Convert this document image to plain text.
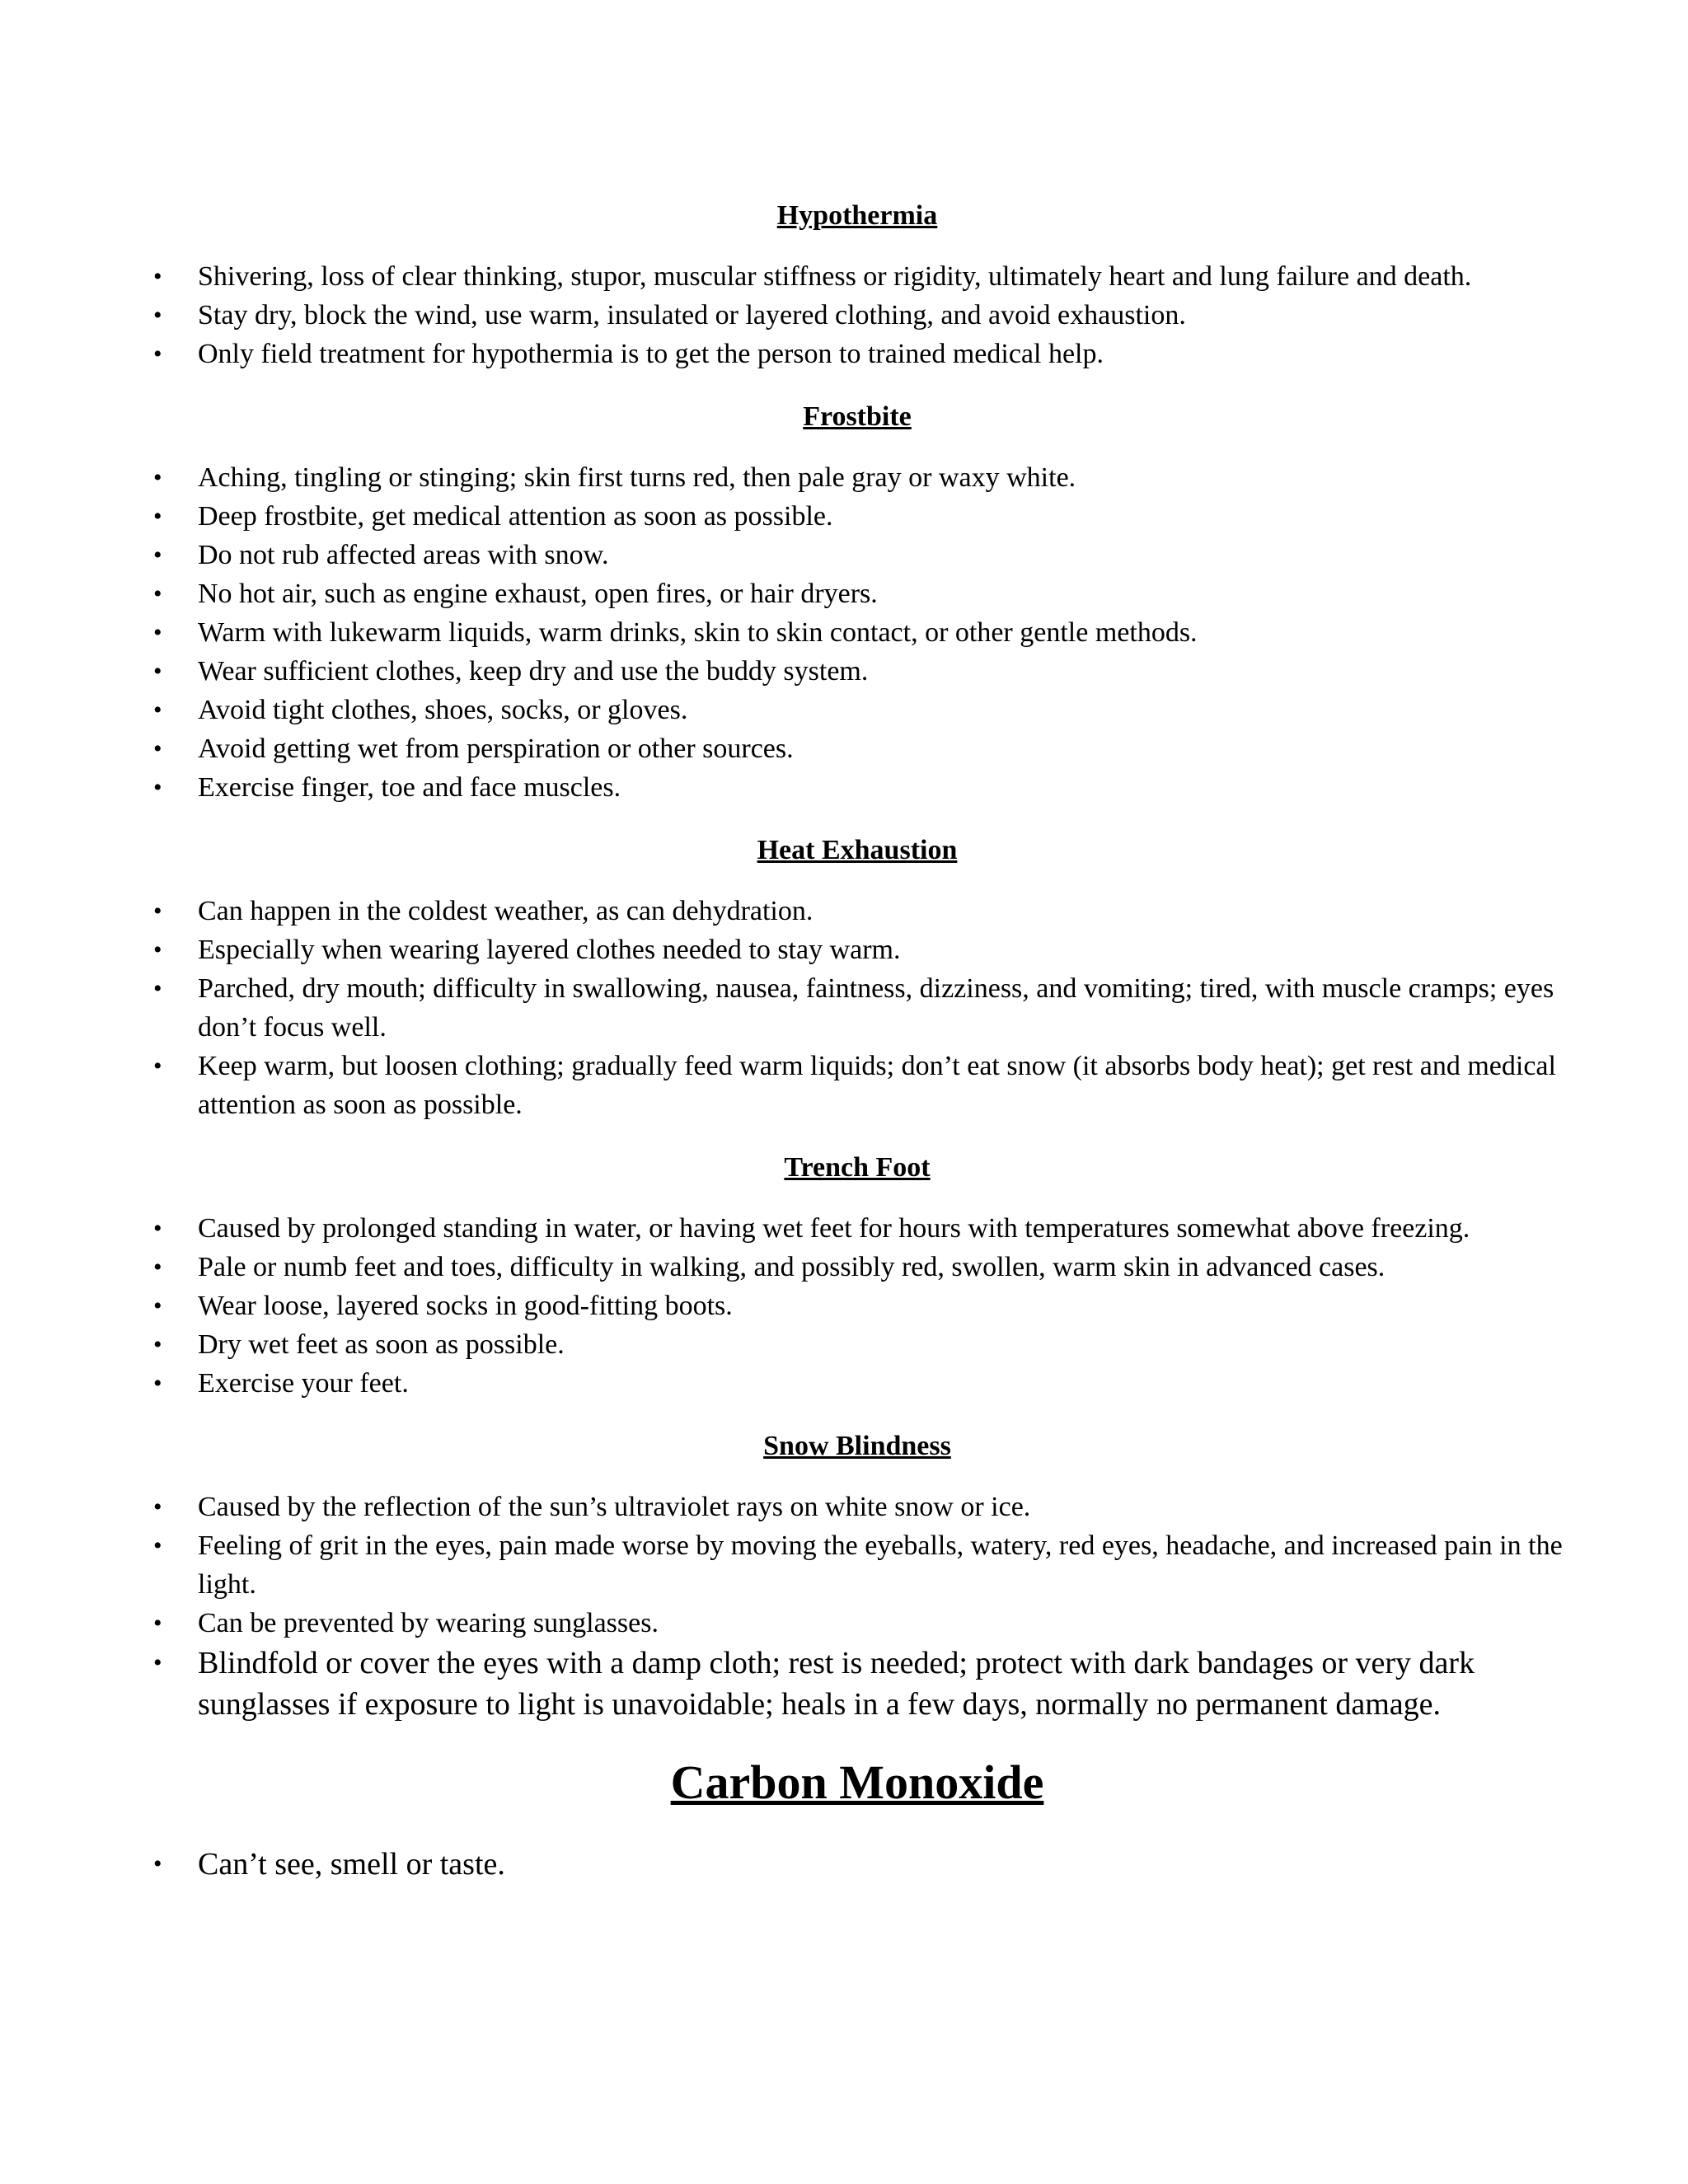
Hypothermia
• Shivering, loss of clear thinking, stupor, muscular stiffness or rigidity, ultimately heart and lung failure and death.
• Stay dry, block the wind, use warm, insulated or layered clothing, and avoid exhaustion.
• Only field treatment for hypothermia is to get the person to trained medical help.
Frostbite
• Aching, tingling or stinging; skin first turns red, then pale gray or waxy white.
• Deep frostbite, get medical attention as soon as possible.
• Do not rub affected areas with snow.
• No hot air, such as engine exhaust, open fires, or hair dryers.
• Warm with lukewarm liquids, warm drinks, skin to skin contact, or other gentle methods.
• Wear sufficient clothes, keep dry and use the buddy system.
• Avoid tight clothes, shoes, socks, or gloves.
• Avoid getting wet from perspiration or other sources.
• Exercise finger, toe and face muscles.
Heat Exhaustion
• Can happen in the coldest weather, as can dehydration.
• Especially when wearing layered clothes needed to stay warm.
• Parched, dry mouth; difficulty in swallowing, nausea, faintness, dizziness, and vomiting; tired, with muscle cramps; eyes don’t focus well.
• Keep warm, but loosen clothing; gradually feed warm liquids; don’t eat snow (it absorbs body heat); get rest and medical attention as soon as possible.
Trench Foot
• Caused by prolonged standing in water, or having wet feet for hours with temperatures somewhat above freezing.
• Pale or numb feet and toes, difficulty in walking, and possibly red, swollen, warm skin in advanced cases.
• Wear loose, layered socks in good-fitting boots.
• Dry wet feet as soon as possible.
• Exercise your feet.
Snow Blindness
• Caused by the reflection of the sun’s ultraviolet rays on white snow or ice.
• Feeling of grit in the eyes, pain made worse by moving the eyeballs, watery, red eyes, headache, and increased pain in the light.
• Can be prevented by wearing sunglasses.
• Blindfold or cover the eyes with a damp cloth; rest is needed; protect with dark bandages or very dark sunglasses if exposure to light is unavoidable; heals in a few days, normally no permanent damage.
Carbon Monoxide
• Can’t see, smell or taste.
